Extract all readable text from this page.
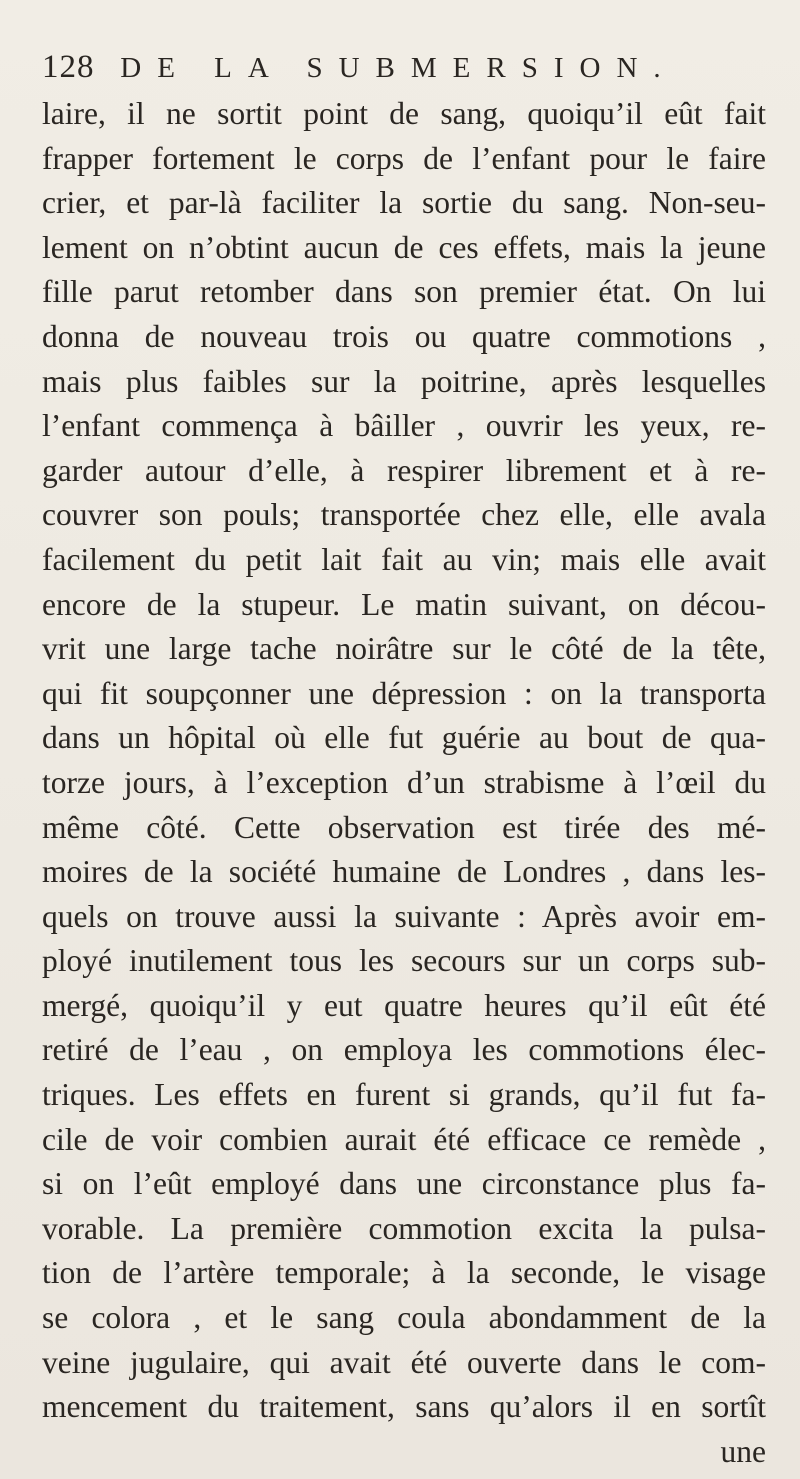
128 DE LA SUBMERSION.
laire, il ne sortit point de sang, quoiqu’il eût fait
frapper fortement le corps de l’enfant pour le faire
crier, et par-là faciliter la sortie du sang. Non-seu-
lement on n’obtint aucun de ces effets, mais la jeune
fille parut retomber dans son premier état. On lui
donna de nouveau trois ou quatre commotions ,
mais plus faibles sur la poitrine, après lesquelles
l’enfant commença à bâiller , ouvrir les yeux, re-
garder autour d’elle, à respirer librement et à re-
couvrer son pouls; transportée chez elle, elle avala
facilement du petit lait fait au vin; mais elle avait
encore de la stupeur. Le matin suivant, on décou-
vrit une large tache noirâtre sur le côté de la tête,
qui fit soupçonner une dépression : on la transporta
dans un hôpital où elle fut guérie au bout de qua-
torze jours, à l’exception d’un strabisme à l’œil du
même côté. Cette observation est tirée des mé-
moires de la société humaine de Londres , dans les-
quels on trouve aussi la suivante : Après avoir em-
ployé inutilement tous les secours sur un corps sub-
mergé, quoiqu’il y eut quatre heures qu’il eût été
retiré de l’eau , on employa les commotions élec-
triques. Les effets en furent si grands, qu’il fut fa-
cile de voir combien aurait été efficace ce remède ,
si on l’eût employé dans une circonstance plus fa-
vorable. La première commotion excita la pulsa-
tion de l’artère temporale; à la seconde, le visage
se colora , et le sang coula abondamment de la
veine jugulaire, qui avait été ouverte dans le com-
mencement du traitement, sans qu’alors il en sortît
une
